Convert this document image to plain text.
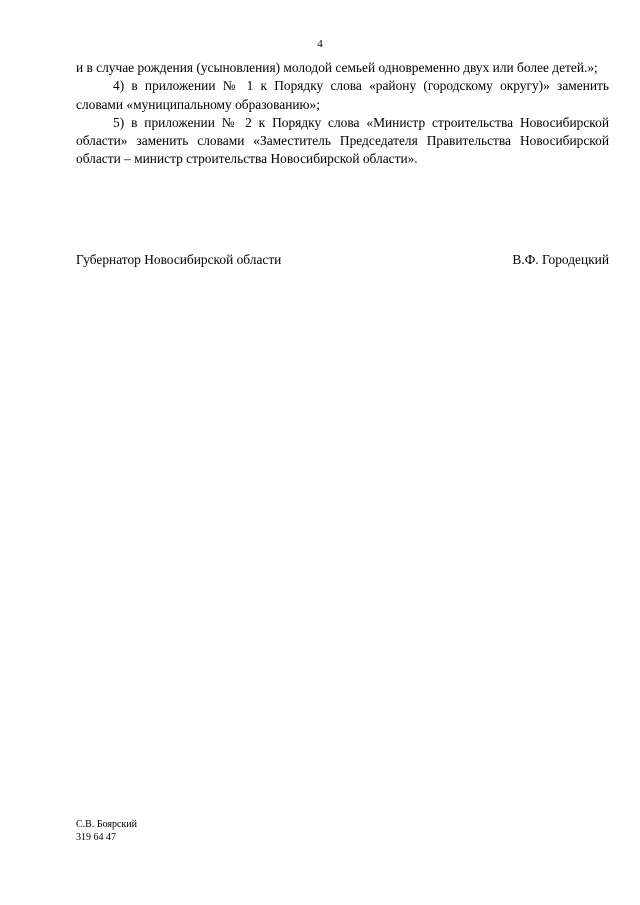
4

и в случае рождения (усыновления) молодой семьей одновременно двух или более детей.»;

4) в приложении № 1 к Порядку слова «району (городскому округу)» заменить словами «муниципальному образованию»;

5) в приложении № 2 к Порядку слова «Министр строительства Новосибирской области» заменить словами «Заместитель Председателя Правительства Новосибирской области – министр строительства Новосибирской области».

Губернатор Новосибирской области	В.Ф. Городецкий
С.В. Боярский
319 64 47
